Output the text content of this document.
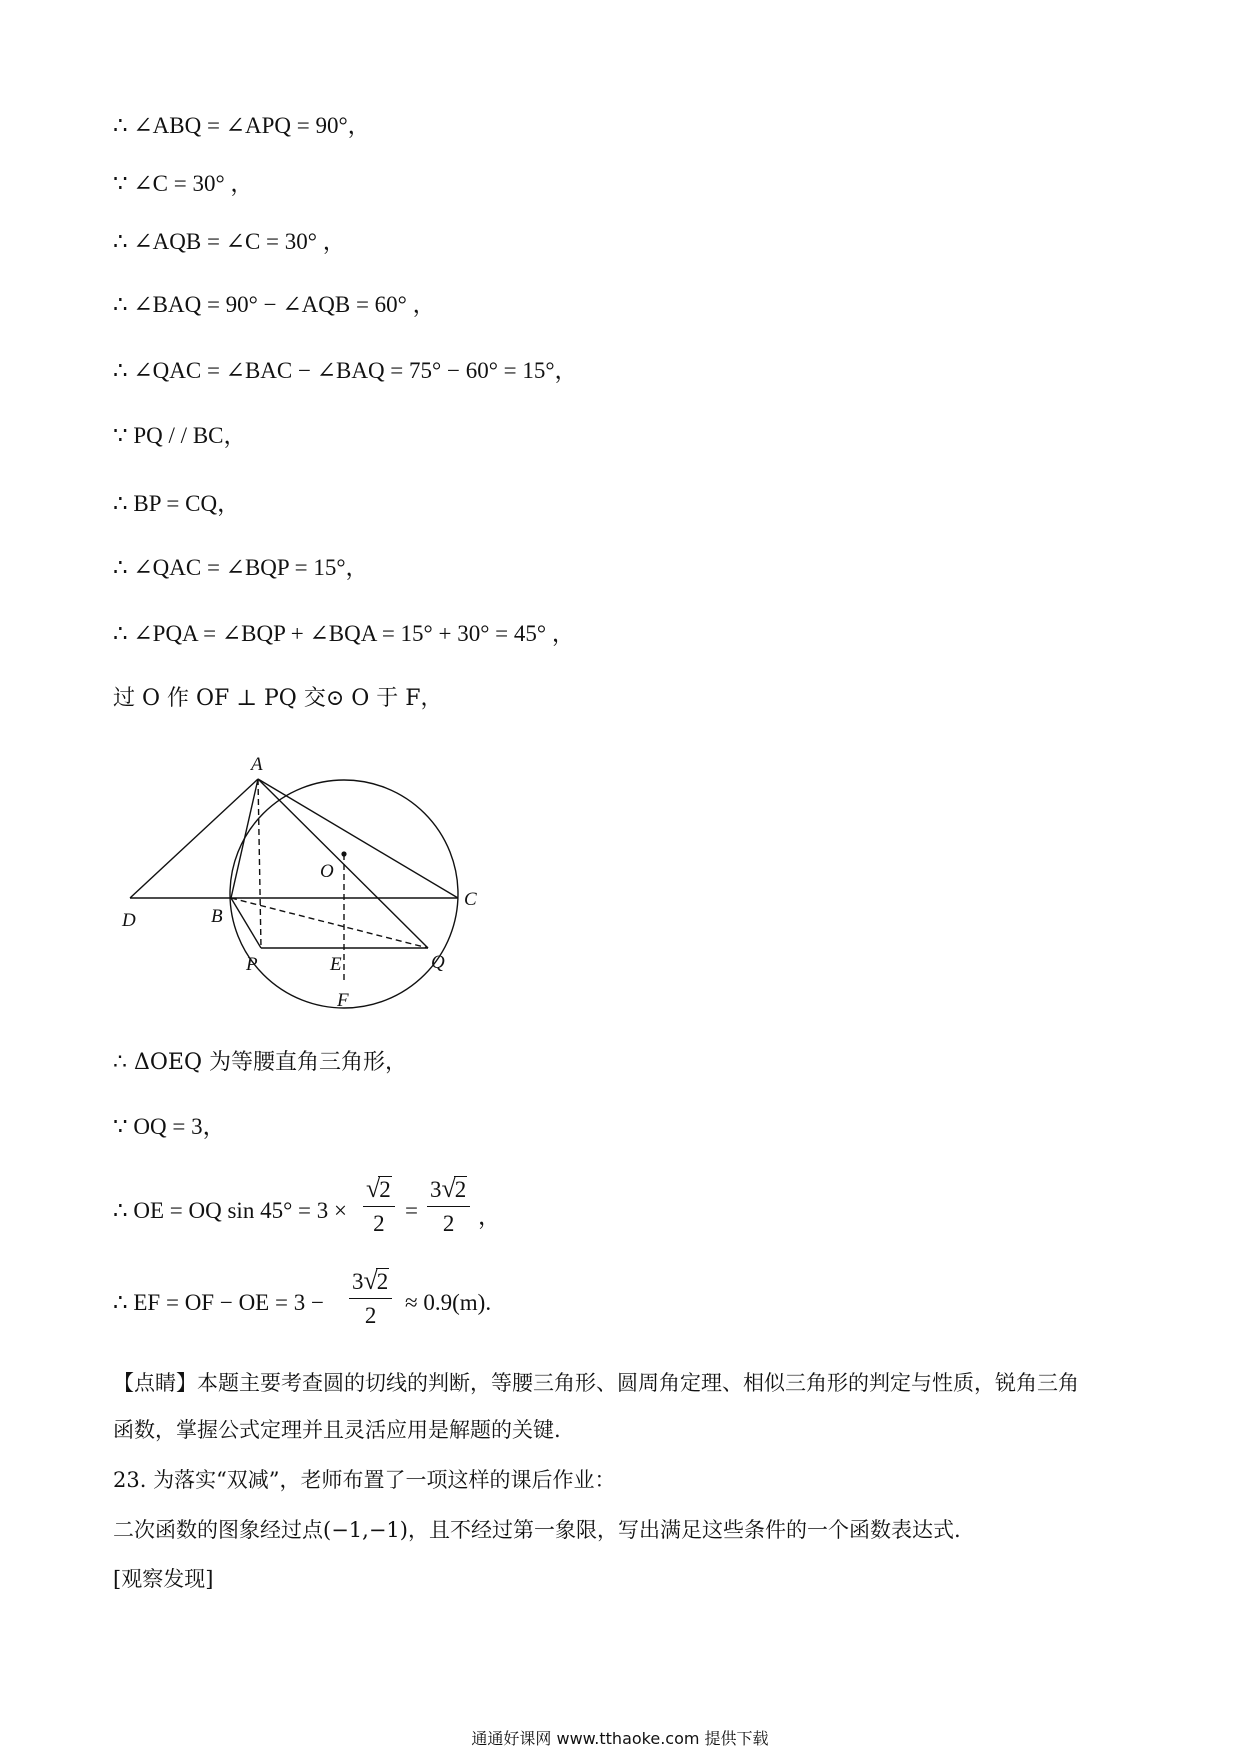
∴ ∠ABQ = ∠APQ = 90°，
∵ ∠C = 30° ，
∴ ∠AQB = ∠C = 30° ，
∴ ∠BAQ = 90° − ∠AQB = 60° ，
∴ ∠QAC = ∠BAC − ∠BAQ = 75° − 60° = 15°，
∵ PQ / / BC，
∴ BP = CQ，
∴ ∠QAC = ∠BQP = 15°，
∴ ∠PQA = ∠BQP + ∠BQA = 15° + 30° = 45° ，
过 O 作 OF ⊥ PQ 交⊙ O 于 F，
A
O
C
D	B
P	E	Q
F
∴ ΔOEQ 为等腰直角三角形，
∵ OQ = 3，
∴ OE = OQ $\sin 45^\circ = 3 \times \frac{√2}{2} = \frac{3√2}{2}$ ，
∴ EF = OF − OE = $3 - \frac{3√2}{2} \approx 0.9(m)$.
【点睛】本题主要考查圆的切线的判断，等腰三角形、圆周角定理、相似三角形的判定与性质，锐角三角
函数，掌握公式定理并且灵活应用是解题的关键.
23. 为落实“双减”，老师布置了一项这样的课后作业：
二次函数的图象经过点(−1,−1)，且不经过第一象限，写出满足这些条件的一个函数表达式.
[观察发现]
通通好课网 www.tthaoke.com 提供下载
